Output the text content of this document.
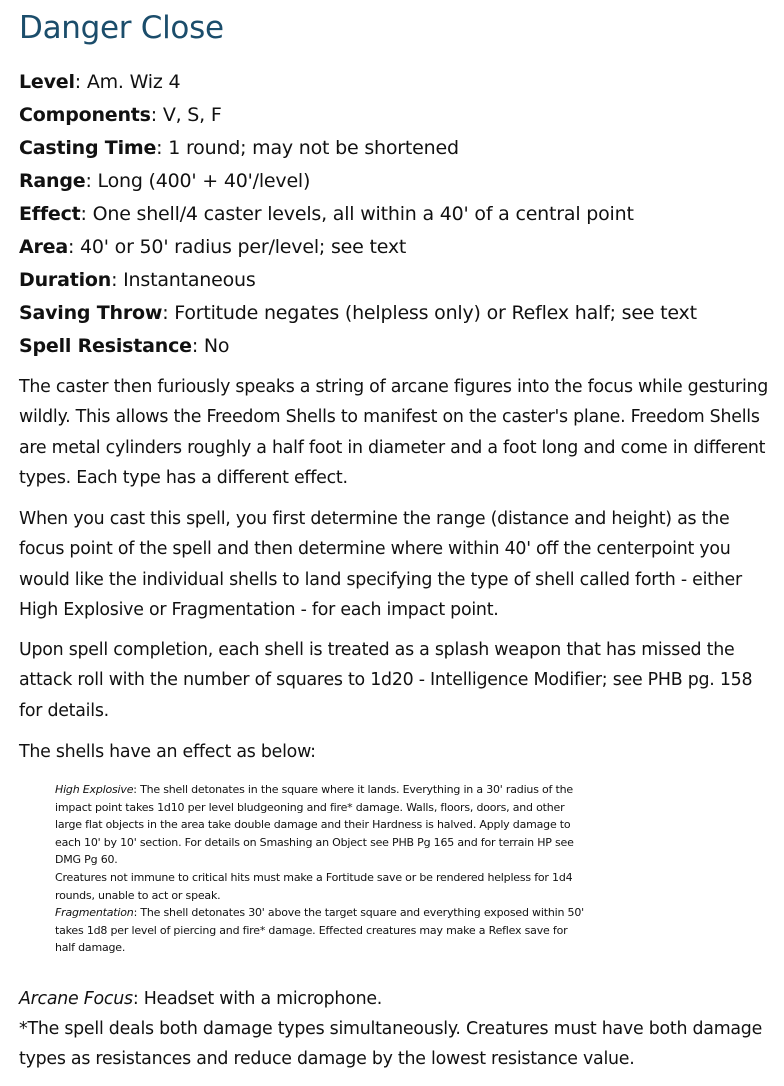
Danger Close
Level: Am. Wiz 4
Components: V, S, F
Casting Time: 1 round; may not be shortened
Range: Long (400' + 40'/level)
Effect: One shell/4 caster levels, all within a 40' of a central point
Area: 40' or 50' radius per/level; see text
Duration: Instantaneous
Saving Throw: Fortitude negates (helpless only) or Reflex half; see text
Spell Resistance: No

The caster then furiously speaks a string of arcane figures into the focus while gesturing wildly. This allows the Freedom Shells to manifest on the caster's plane. Freedom Shells are metal cylinders roughly a half foot in diameter and a foot long and come in different types. Each type has a different effect.

When you cast this spell, you first determine the range (distance and height) as the focus point of the spell and then determine where within 40' off the centerpoint you would like the individual shells to land specifying the type of shell called forth - either High Explosive or Fragmentation - for each impact point.

Upon spell completion, each shell is treated as a splash weapon that has missed the attack roll with the number of squares to 1d20 - Intelligence Modifier; see PHB pg. 158 for details.

The shells have an effect as below:

High Explosive: The shell detonates in the square where it lands. Everything in a 30' radius of the impact point takes 1d10 per level bludgeoning and fire* damage. Walls, floors, doors, and other large flat objects in the area take double damage and their Hardness is halved. Apply damage to each 10' by 10' section. For details on Smashing an Object see PHB Pg 165 and for terrain HP see DMG Pg 60.

Creatures not immune to critical hits must make a Fortitude save or be rendered helpless for 1d4 rounds, unable to act or speak.

Fragmentation: The shell detonates 30' above the target square and everything exposed within 50' takes 1d8 per level of piercing and fire* damage. Effected creatures may make a Reflex save for half damage.

Arcane Focus: Headset with a microphone.

*The spell deals both damage types simultaneously. Creatures must have both damage types as resistances and reduce damage by the lowest resistance value.
